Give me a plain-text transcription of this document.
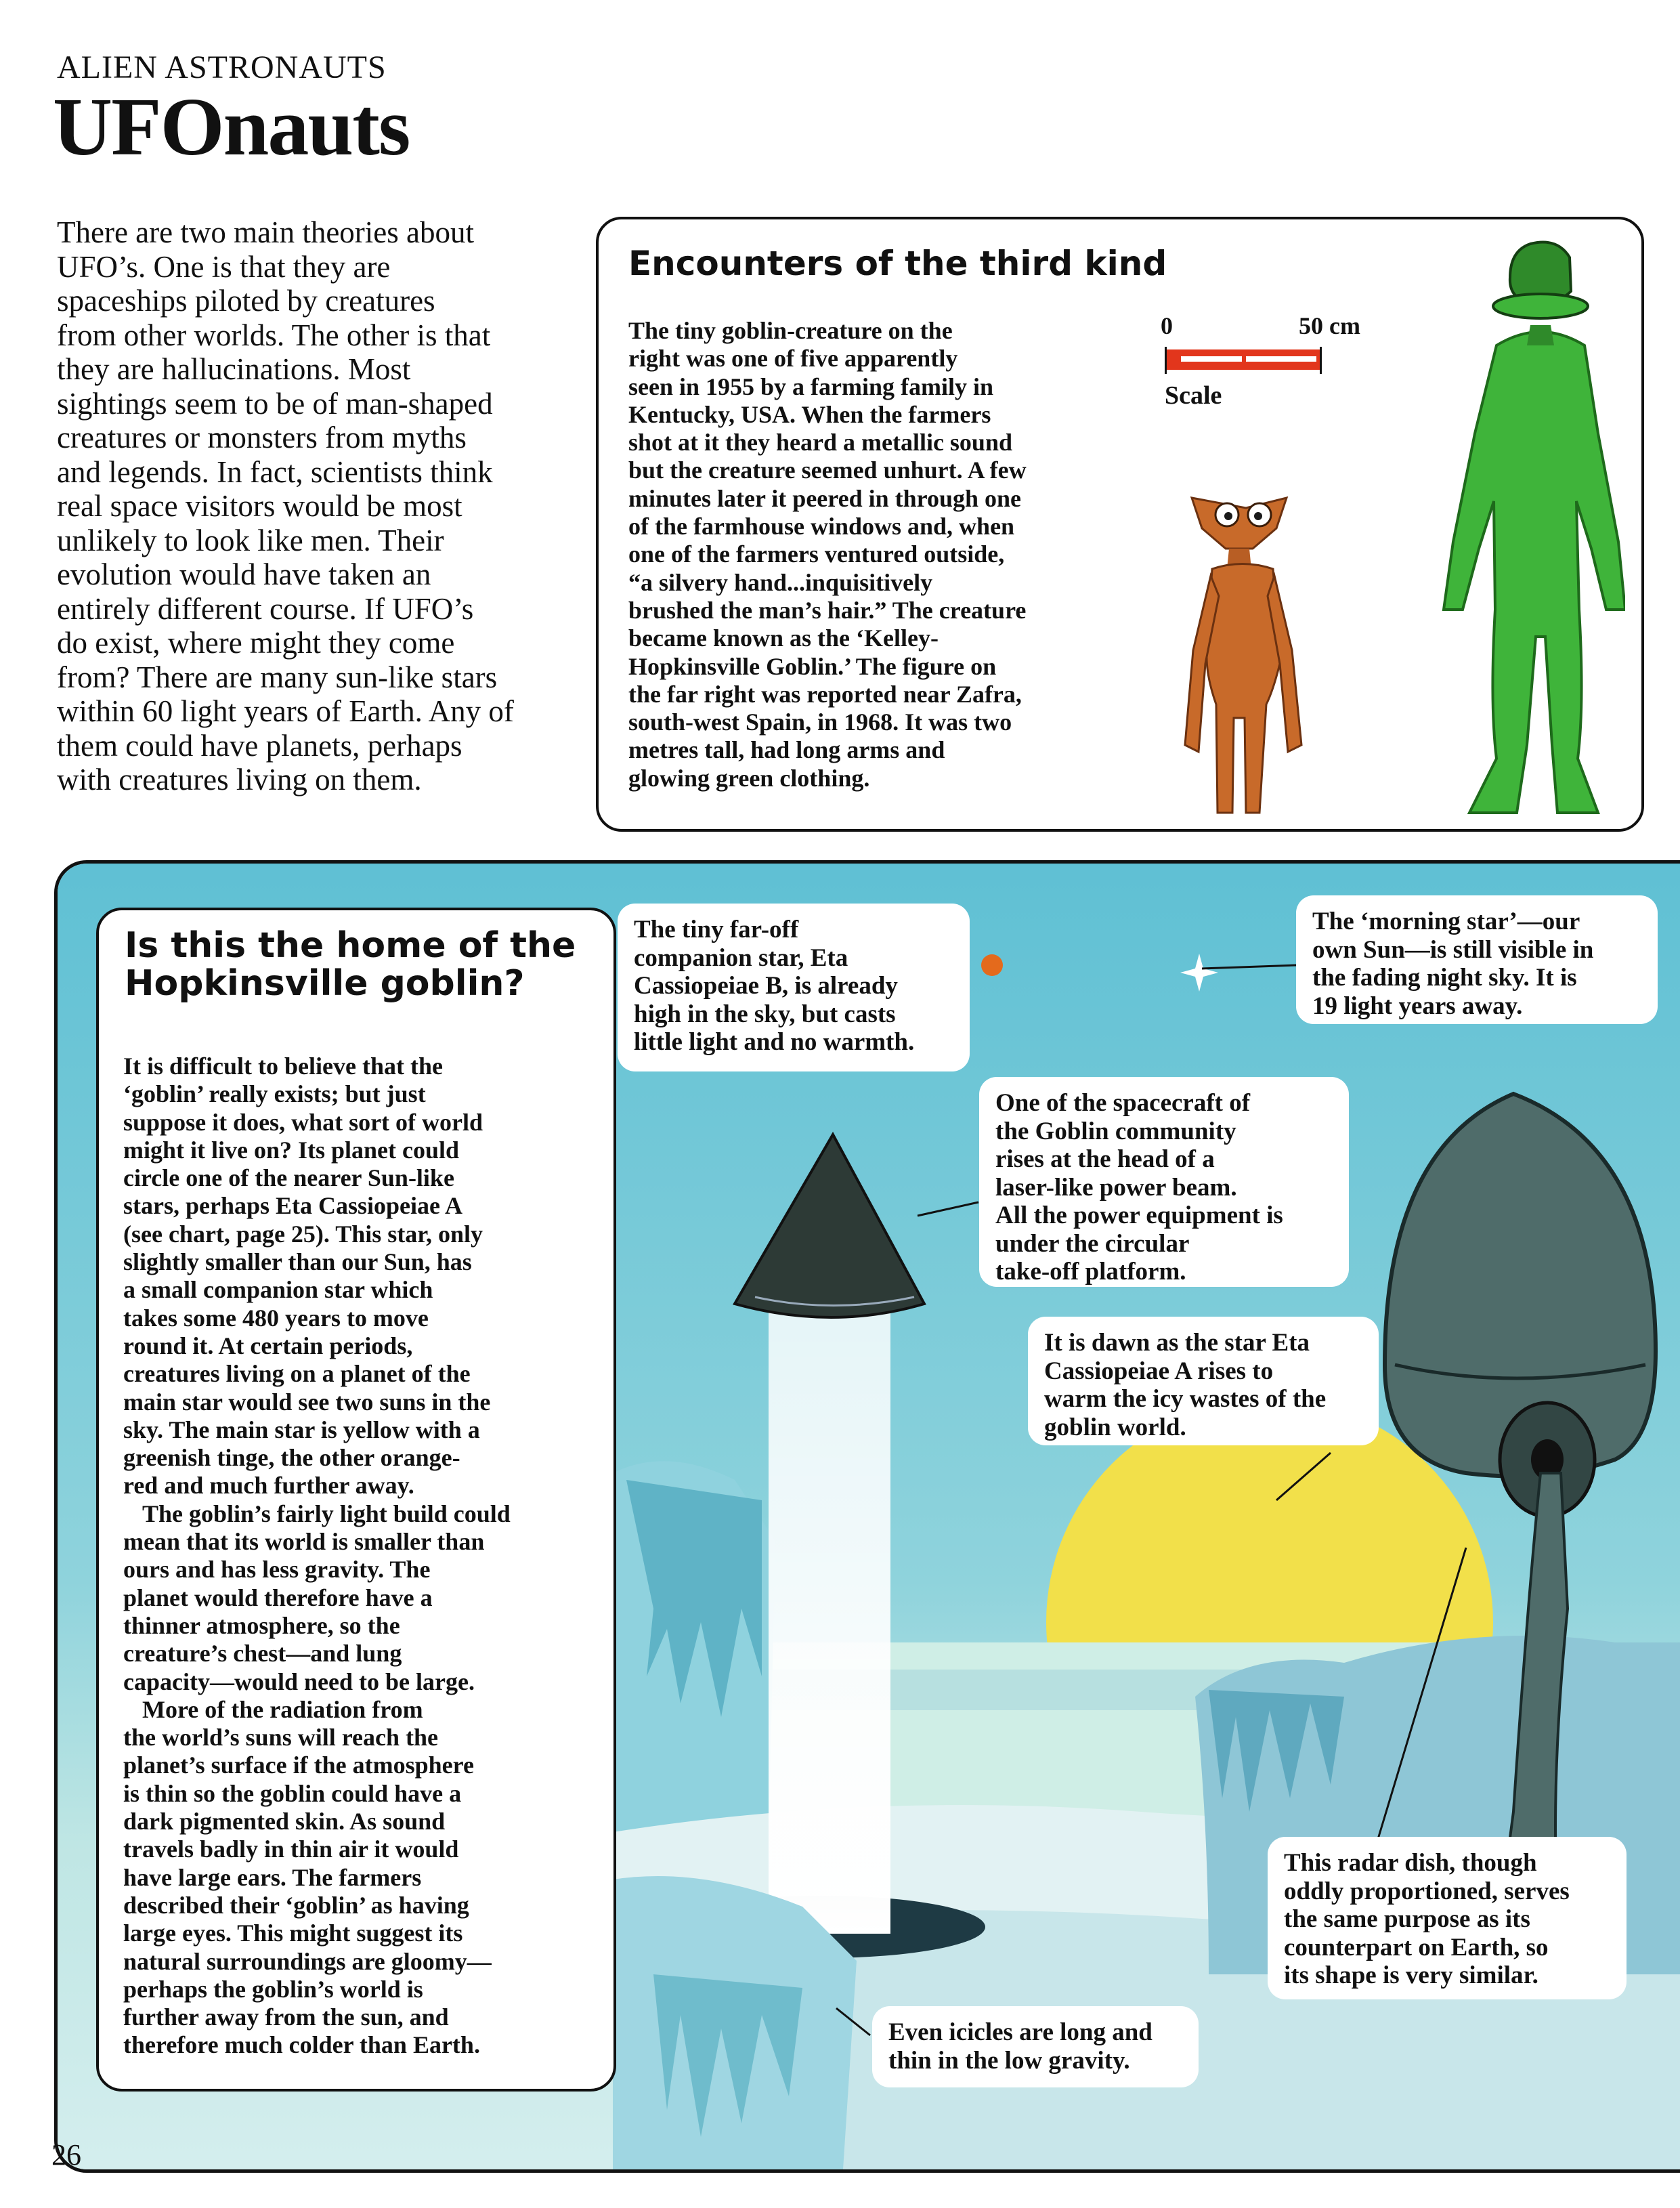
ALIEN ASTRONAUTS
UFOnauts

There are two main theories about

UFO’s. One is that they are

spaceships piloted by creatures

from other worlds. The other is that

they are hallucinations. Most

sightings seem to be of man-shaped

creatures or monsters from myths

and legends. In fact, scientists think

real space visitors would be most

unlikely to look like men. Their

evolution would have taken an

entirely different course. If UFO’s

do exist, where might they come

from? There are many sun-like stars

within 60 light years of Earth. Any of

them could have planets, perhaps

with creatures living on them.

Encounters of the third kind

The tiny goblin-creature on the

right was one of five apparently

seen in 1955 by a farming family in

Kentucky, USA. When the farmers

shot at it they heard a metallic sound

but the creature seemed unhurt. A few

minutes later it peered in through one

of the farmhouse windows and, when

one of the farmers ventured outside,

“a silvery hand...inquisitively

brushed the man’s hair.” The creature

became known as the ‘Kelley-

Hopkinsville Goblin.’ The figure on

the far right was reported near Zafra,

south-west Spain, in 1968. It was two

metres tall, had long arms and

glowing green clothing.

0	50 cm
Scale
Is this the home of the
Hopkinsville goblin?

It is difficult to believe that the

‘goblin’ really exists; but just

suppose it does, what sort of world

might it live on? Its planet could

circle one of the nearer Sun-like

stars, perhaps Eta Cassiopeiae A

(see chart, page 25). This star, only

slightly smaller than our Sun, has

a small companion star which

takes some 480 years to move

round it. At certain periods,

creatures living on a planet of the

main star would see two suns in the

sky. The main star is yellow with a

greenish tinge, the other orange-

red and much further away.

The goblin’s fairly light build could

mean that its world is smaller than

ours and has less gravity. The

planet would therefore have a

thinner atmosphere, so the

creature’s chest—and lung

capacity—would need to be large.

More of the radiation from

the world’s suns will reach the

planet’s surface if the atmosphere

is thin so the goblin could have a

dark pigmented skin. As sound

travels badly in thin air it would

have large ears. The farmers

described their ‘goblin’ as having

large eyes. This might suggest its

natural surroundings are gloomy—

perhaps the goblin’s world is

further away from the sun, and

therefore much colder than Earth.

The tiny far-off

companion star, Eta

Cassiopeiae B, is already

high in the sky, but casts

little light and no warmth.

The ‘morning star’—our

own Sun—is still visible in

the fading night sky. It is

19 light years away.

One of the spacecraft of

the Goblin community

rises at the head of a

laser-like power beam.

All the power equipment is

under the circular

take-off platform.

It is dawn as the star Eta

Cassiopeiae A rises to

warm the icy wastes of the

goblin world.

This radar dish, though

oddly proportioned, serves

the same purpose as its

counterpart on Earth, so

its shape is very similar.

Even icicles are long and

thin in the low gravity.

26
